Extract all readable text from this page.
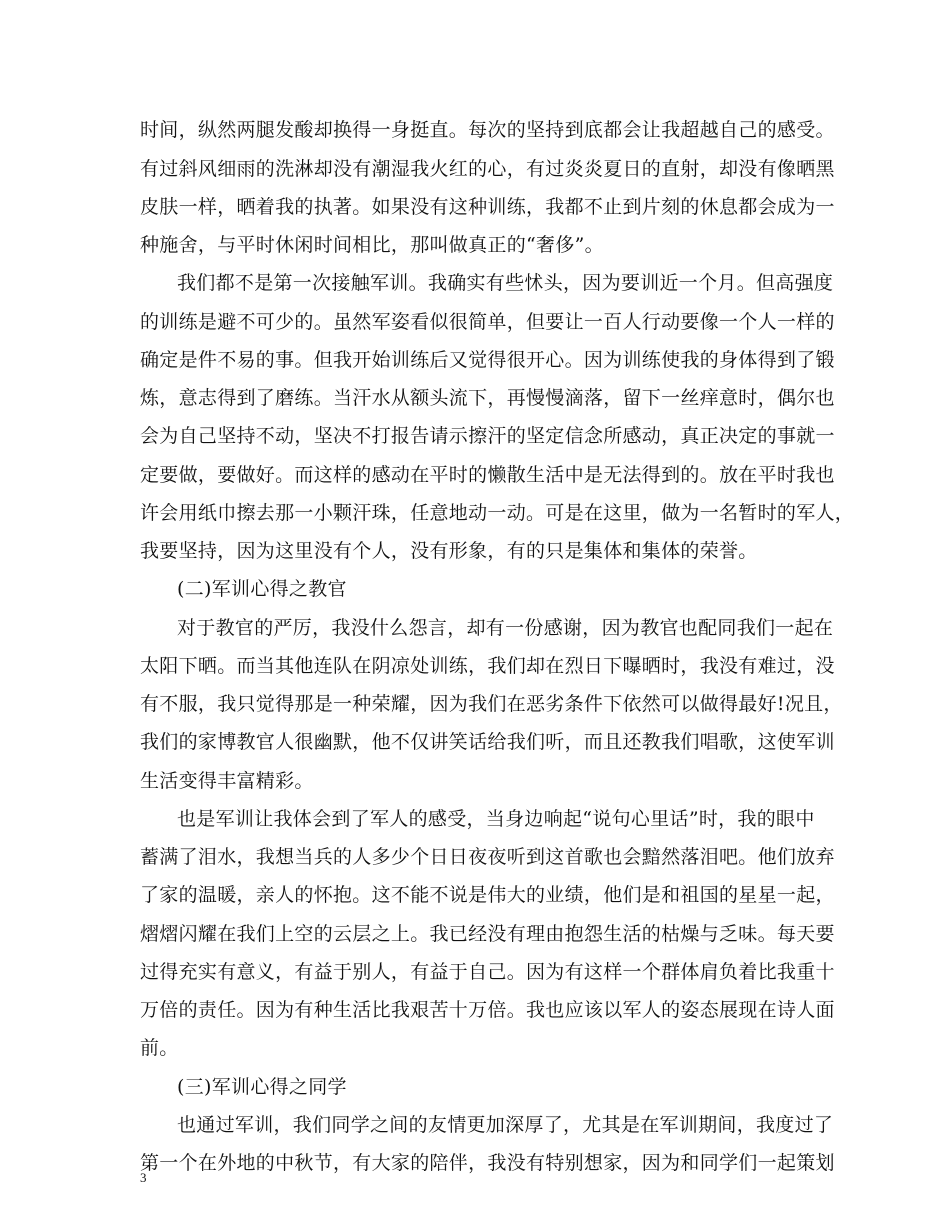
时间，纵然两腿发酸却换得一身挺直。每次的坚持到底都会让我超越自己的感受。
有过斜风细雨的洗淋却没有潮湿我火红的心，有过炎炎夏日的直射，却没有像晒黑
皮肤一样，晒着我的执著。如果没有这种训练，我都不止到片刻的休息都会成为一
种施舍，与平时休闲时间相比，那叫做真正的“奢侈”。
我们都不是第一次接触军训。我确实有些怵头，因为要训近一个月。但高强度
的训练是避不可少的。虽然军姿看似很简单，但要让一百人行动要像一个人一样的
确定是件不易的事。但我开始训练后又觉得很开心。因为训练使我的身体得到了锻
炼，意志得到了磨练。当汗水从额头流下，再慢慢滴落，留下一丝痒意时，偶尔也
会为自己坚持不动，坚决不打报告请示擦汗的坚定信念所感动，真正决定的事就一
定要做，要做好。而这样的感动在平时的懒散生活中是无法得到的。放在平时我也
许会用纸巾擦去那一小颗汗珠，任意地动一动。可是在这里，做为一名暂时的军人，
我要坚持，因为这里没有个人，没有形象，有的只是集体和集体的荣誉。
(二)军训心得之教官
对于教官的严厉，我没什么怨言，却有一份感谢，因为教官也配同我们一起在
太阳下晒。而当其他连队在阴凉处训练，我们却在烈日下曝晒时，我没有难过，没
有不服，我只觉得那是一种荣耀，因为我们在恶劣条件下依然可以做得最好!况且，
我们的家博教官人很幽默，他不仅讲笑话给我们听，而且还教我们唱歌，这使军训
生活变得丰富精彩。
也是军训让我体会到了军人的感受，当身边响起“说句心里话”时，我的眼中
蓄满了泪水，我想当兵的人多少个日日夜夜听到这首歌也会黯然落泪吧。他们放弃
了家的温暖，亲人的怀抱。这不能不说是伟大的业绩，他们是和祖国的星星一起，
熠熠闪耀在我们上空的云层之上。我已经没有理由抱怨生活的枯燥与乏味。每天要
过得充实有意义，有益于别人，有益于自己。因为有这样一个群体肩负着比我重十
万倍的责任。因为有种生活比我艰苦十万倍。我也应该以军人的姿态展现在诗人面
前。
(三)军训心得之同学
也通过军训，我们同学之间的友情更加深厚了，尤其是在军训期间，我度过了
第一个在外地的中秋节，有大家的陪伴，我没有特别想家，因为和同学们一起策划
3
